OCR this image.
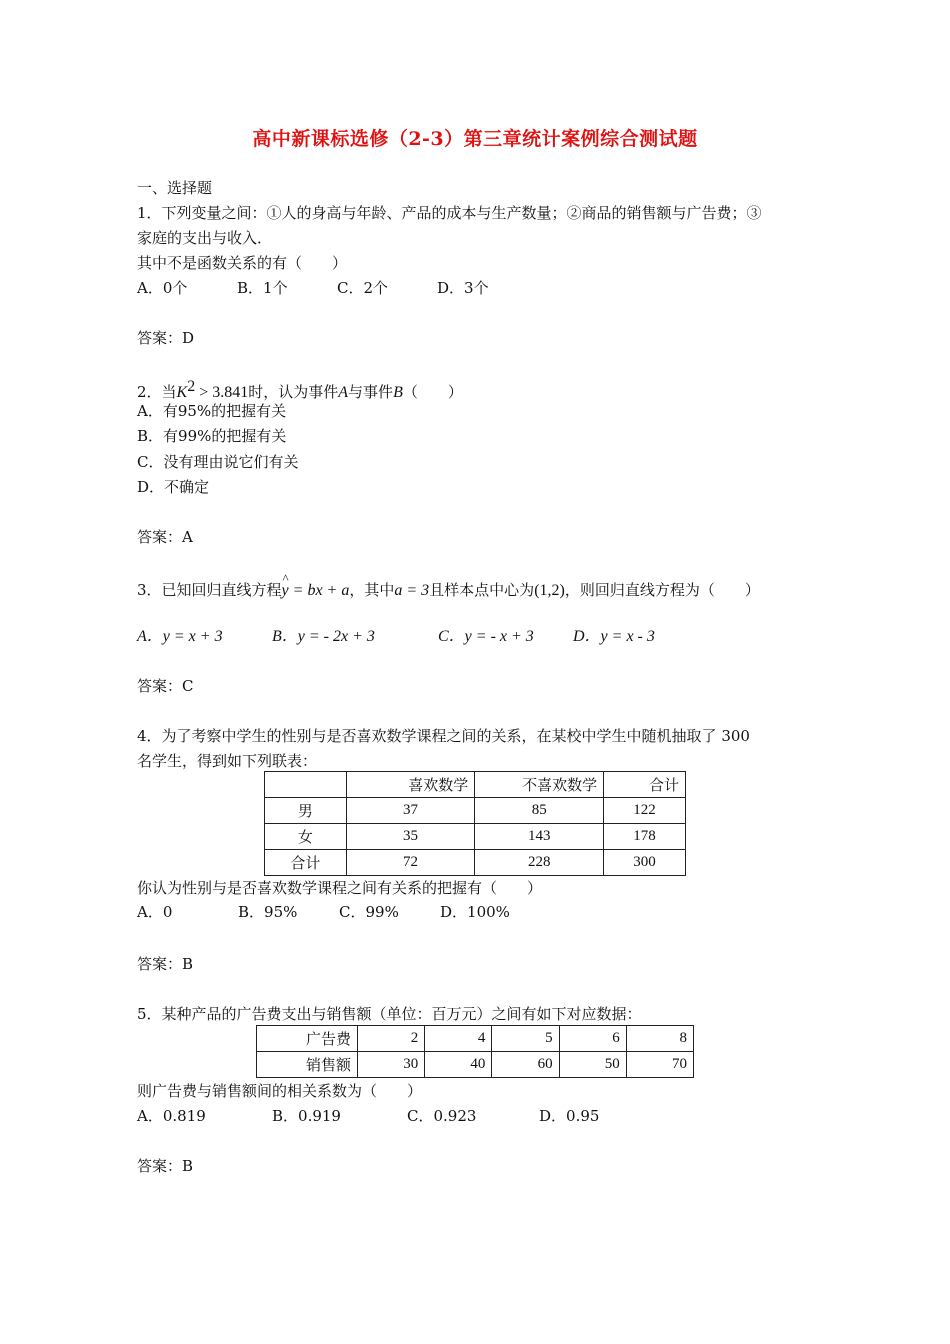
高中新课标选修（2-3）第三章统计案例综合测试题
一、选择题
1．下列变量之间：①人的身高与年龄、产品的成本与生产数量；②商品的销售额与广告费；③
家庭的支出与收入．
其中不是函数关系的有（　　）
A．0个	B．1个	C．2个	D．3个
答案：D
2．当$K^2 > 3.841$时，认为事件A与事件B（　　）
A．有95%的把握有关
B．有99%的把握有关
C．没有理由说它们有关
D．不确定
答案：A
3．已知回归直线方程^ y = bx + a，其中a = 3且样本点中心为(1,2)，则回归直线方程为（　　）
A．y = x + 3	B．y = - 2x + 3	C．y = - x + 3 D．y = x - 3
答案：C
4．为了考察中学生的性别与是否喜欢数学课程之间的关系，在某校中学生中随机抽取了 300
名学生，得到如下列联表：
	喜欢数学	不喜欢数学	合计
男	37	85	122
女	35	143	178
合计	72	228	300
你认为性别与是否喜欢数学课程之间有关系的把握有（　　）
A．0	B．95%	C．99%	D．100%
答案：B
5．某种产品的广告费支出与销售额（单位：百万元）之间有如下对应数据：
广告费	2	4	5	6	8
销售额	30	40	60	50	70
则广告费与销售额间的相关系数为（　　）
A．0.819	B．0.919	C．0.923	D．0.95
答案：B
